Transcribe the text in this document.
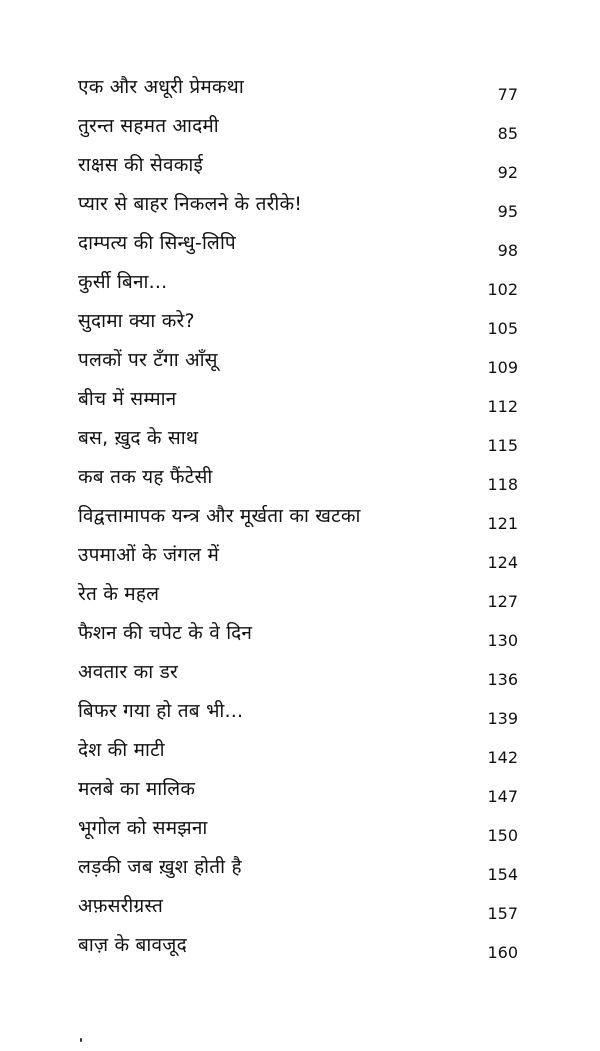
एक और अधूरी प्रेमकथा	77
तुरन्त सहमत आदमी	85
राक्षस की सेवकाई	92
प्यार से बाहर निकलने के तरीके!	95
दाम्पत्य की सिन्धु-लिपि	98
कुर्सी बिना...	102
सुदामा क्या करे?	105
पलकों पर टँगा आँसू	109
बीच में सम्मान	112
बस, ख़ुद के साथ	115
कब तक यह फैंटेसी	118
विद्वत्तामापक यन्त्र और मूर्खता का खटका	121
उपमाओं के जंगल में	124
रेत के महल	127
फैशन की चपेट के वे दिन	130
अवतार का डर	136
बिफर गया हो तब भी...	139
देश की माटी	142
मलबे का मालिक	147
भूगोल को समझना	150
लड़की जब ख़ुश होती है	154
अफ़सरीग्रस्त	157
बाज़ के बावजूद	160
